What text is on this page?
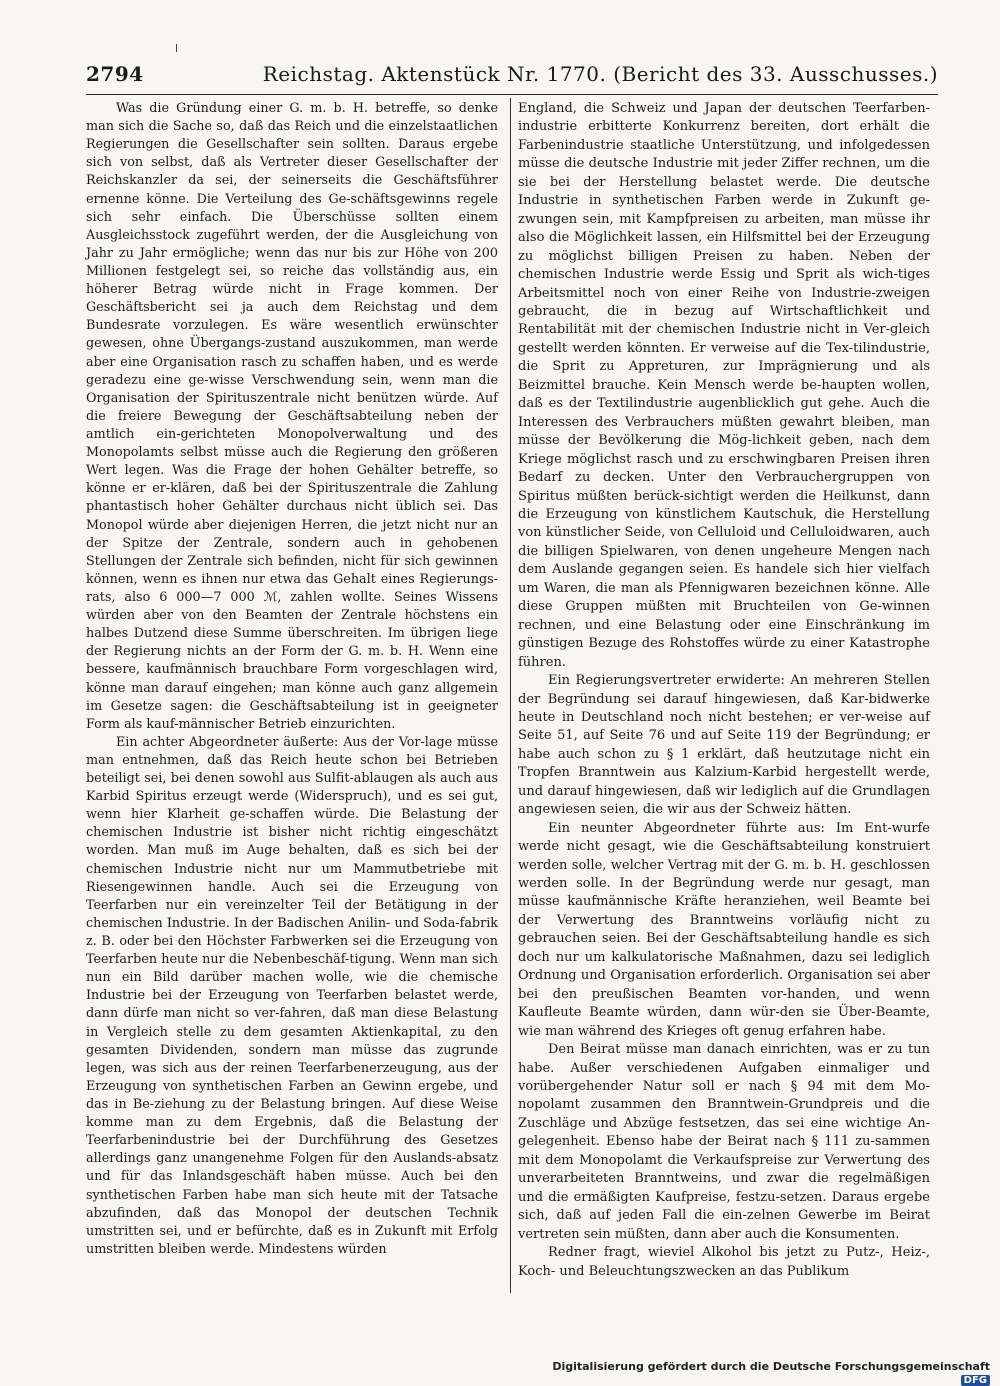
2794	Reichstag. Aktenstück Nr. 1770. (Bericht des 33. Ausschusses.)

Was die Gründung einer G. m. b. H. betreffe, so denke man sich die Sache so, daß das Reich und die einzelstaatlichen Regierungen die Gesellschafter sein sollten. Daraus ergebe sich von selbst, daß als Vertreter dieser Gesellschafter der Reichskanzler da sei, der seinerseits die Geschäftsführer ernenne könne. Die Verteilung des Ge-schäftsgewinns regele sich sehr einfach. Die Überschüsse sollten einem Ausgleichsstock zugeführt werden, der die Ausgleichung von Jahr zu Jahr ermögliche; wenn das nur bis zur Höhe von 200 Millionen festgelegt sei, so reiche das vollständig aus, ein höherer Betrag würde nicht in Frage kommen. Der Geschäftsbericht sei ja auch dem Reichstag und dem Bundesrate vorzulegen. Es wäre wesentlich erwünschter gewesen, ohne Übergangs-zustand auszukommen, man werde aber eine Organisation rasch zu schaffen haben, und es werde geradezu eine ge-wisse Verschwendung sein, wenn man die Organisation der Spirituszentrale nicht benützen würde. Auf die freiere Bewegung der Geschäftsabteilung neben der amtlich ein-gerichteten Monopolverwaltung und des Monopolamts selbst müsse auch die Regierung den größeren Wert legen. Was die Frage der hohen Gehälter betreffe, so könne er er-klären, daß bei der Spirituszentrale die Zahlung phantastisch hoher Gehälter durchaus nicht üblich sei. Das Monopol würde aber diejenigen Herren, die jetzt nicht nur an der Spitze der Zentrale, sondern auch in gehobenen Stellungen der Zentrale sich befinden, nicht für sich gewinnen können, wenn es ihnen nur etwa das Gehalt eines Regierungs-rats, also 6 000—7 000 ℳ, zahlen wollte. Seines Wissens würden aber von den Beamten der Zentrale höchstens ein halbes Dutzend diese Summe überschreiten. Im übrigen liege der Regierung nichts an der Form der G. m. b. H. Wenn eine bessere, kaufmännisch brauchbare Form vorgeschlagen wird, könne man darauf eingehen; man könne auch ganz allgemein im Gesetze sagen: die Geschäftsabteilung ist in geeigneter Form als kauf-männischer Betrieb einzurichten.

Ein achter Abgeordneter äußerte: Aus der Vor-lage müsse man entnehmen, daß das Reich heute schon bei Betrieben beteiligt sei, bei denen sowohl aus Sulfit-ablaugen als auch aus Karbid Spiritus erzeugt werde (Widerspruch), und es sei gut, wenn hier Klarheit ge-schaffen würde. Die Belastung der chemischen Industrie ist bisher nicht richtig eingeschätzt worden. Man muß im Auge behalten, daß es sich bei der chemischen Industrie nicht nur um Mammutbetriebe mit Riesengewinnen handle. Auch sei die Erzeugung von Teerfarben nur ein vereinzelter Teil der Betätigung in der chemischen Industrie. In der Badischen Anilin- und Soda-fabrik z. B. oder bei den Höchster Farbwerken sei die Erzeugung von Teerfarben heute nur die Nebenbeschäf-tigung. Wenn man sich nun ein Bild darüber machen wolle, wie die chemische Industrie bei der Erzeugung von Teerfarben belastet werde, dann dürfe man nicht so ver-fahren, daß man diese Belastung in Vergleich stelle zu dem gesamten Aktienkapital, zu den gesamten Dividenden, sondern man müsse das zugrunde legen, was sich aus der reinen Teerfarbenerzeugung, aus der Erzeugung von synthetischen Farben an Gewinn ergebe, und das in Be-ziehung zu der Belastung bringen. Auf diese Weise komme man zu dem Ergebnis, daß die Belastung der Teerfarbenindustrie bei der Durchführung des Gesetzes allerdings ganz unangenehme Folgen für den Auslands-absatz und für das Inlandsgeschäft haben müsse. Auch bei den synthetischen Farben habe man sich heute mit der Tatsache abzufinden, daß das Monopol der deutschen Technik umstritten sei, und er befürchte, daß es in Zukunft mit Erfolg umstritten bleiben werde. Mindestens würden

England, die Schweiz und Japan der deutschen Teerfarben-industrie erbitterte Konkurrenz bereiten, dort erhält die Farbenindustrie staatliche Unterstützung, und infolgedessen müsse die deutsche Industrie mit jeder Ziffer rechnen, um die sie bei der Herstellung belastet werde. Die deutsche Industrie in synthetischen Farben werde in Zukunft ge-zwungen sein, mit Kampfpreisen zu arbeiten, man müsse ihr also die Möglichkeit lassen, ein Hilfsmittel bei der Erzeugung zu möglichst billigen Preisen zu haben. Neben der chemischen Industrie werde Essig und Sprit als wich-tiges Arbeitsmittel noch von einer Reihe von Industrie-zweigen gebraucht, die in bezug auf Wirtschaftlichkeit und Rentabilität mit der chemischen Industrie nicht in Ver-gleich gestellt werden könnten. Er verweise auf die Tex-tilindustrie, die Sprit zu Appreturen, zur Imprägnierung und als Beizmittel brauche. Kein Mensch werde be-haupten wollen, daß es der Textilindustrie augenblicklich gut gehe. Auch die Interessen des Verbrauchers müßten gewahrt bleiben, man müsse der Bevölkerung die Mög-lichkeit geben, nach dem Kriege möglichst rasch und zu erschwingbaren Preisen ihren Bedarf zu decken. Unter den Verbrauchergruppen von Spiritus müßten berück-sichtigt werden die Heilkunst, dann die Erzeugung von künstlichem Kautschuk, die Herstellung von künstlicher Seide, von Celluloid und Celluloidwaren, auch die billigen Spielwaren, von denen ungeheure Mengen nach dem Auslande gegangen seien. Es handele sich hier vielfach um Waren, die man als Pfennigwaren bezeichnen könne. Alle diese Gruppen müßten mit Bruchteilen von Ge-winnen rechnen, und eine Belastung oder eine Einschränkung im günstigen Bezuge des Rohstoffes würde zu einer Katastrophe führen.

Ein Regierungsvertreter erwiderte: An mehreren Stellen der Begründung sei darauf hingewiesen, daß Kar-bidwerke heute in Deutschland noch nicht bestehen; er ver-weise auf Seite 51, auf Seite 76 und auf Seite 119 der Begründung; er habe auch schon zu § 1 erklärt, daß heutzutage nicht ein Tropfen Branntwein aus Kalzium-Karbid hergestellt werde, und darauf hingewiesen, daß wir lediglich auf die Grundlagen angewiesen seien, die wir aus der Schweiz hätten.

Ein neunter Abgeordneter führte aus: Im Ent-wurfe werde nicht gesagt, wie die Geschäftsabteilung konstruiert werden solle, welcher Vertrag mit der G. m. b. H. geschlossen werden solle. In der Begründung werde nur gesagt, man müsse kaufmännische Kräfte heranziehen, weil Beamte bei der Verwertung des Branntweins vorläufig nicht zu gebrauchen seien. Bei der Geschäftsabteilung handle es sich doch nur um kalkulatorische Maßnahmen, dazu sei lediglich Ordnung und Organisation erforderlich. Organisation sei aber bei den preußischen Beamten vor-handen, und wenn Kaufleute Beamte würden, dann wür-den sie Über-Beamte, wie man während des Krieges oft genug erfahren habe.

Den Beirat müsse man danach einrichten, was er zu tun habe. Außer verschiedenen Aufgaben einmaliger und vorübergehender Natur soll er nach § 94 mit dem Mo-nopolamt zusammen den Branntwein-Grundpreis und die Zuschläge und Abzüge festsetzen, das sei eine wichtige An-gelegenheit. Ebenso habe der Beirat nach § 111 zu-sammen mit dem Monopolamt die Verkaufspreise zur Verwertung des unverarbeiteten Branntweins, und zwar die regelmäßigen und die ermäßigten Kaufpreise, festzu-setzen. Daraus ergebe sich, daß auf jeden Fall die ein-zelnen Gewerbe im Beirat vertreten sein müßten, dann aber auch die Konsumenten.

Redner fragt, wieviel Alkohol bis jetzt zu Putz-, Heiz-, Koch- und Beleuchtungszwecken an das Publikum

Digitalisierung gefördert durch die Deutsche Forschungsgemeinschaft DFG
